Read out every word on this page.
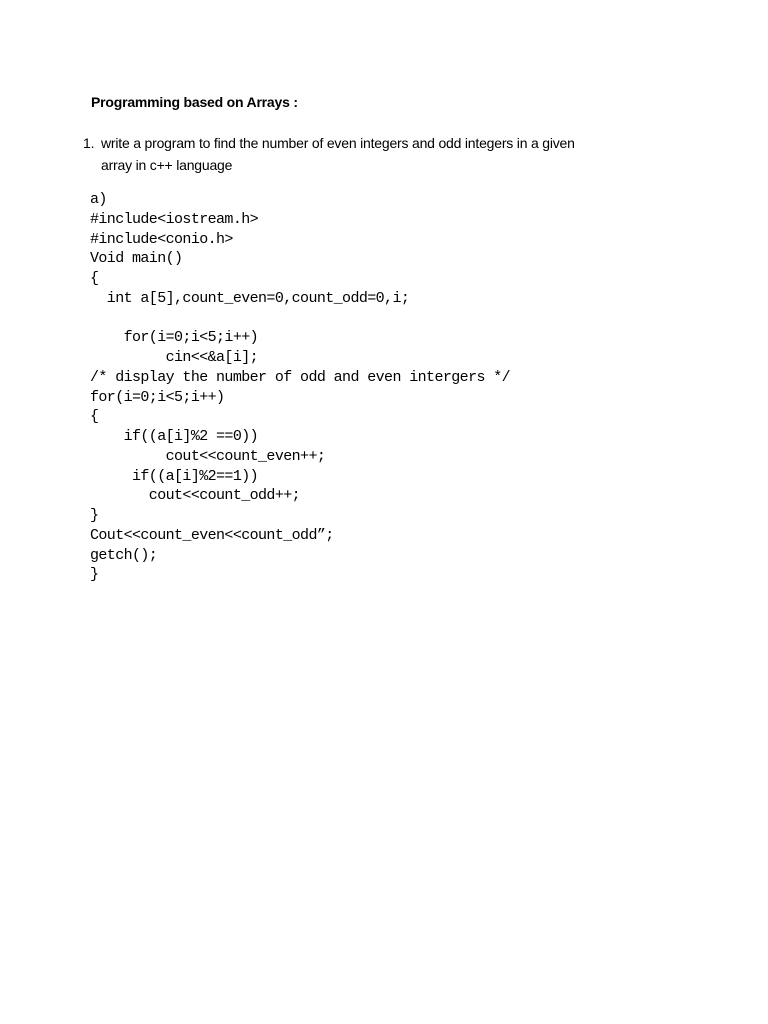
Programming based on Arrays :
1. write a program to find the number of even integers and odd integers in a given
array in c++ language
a)
#include<iostream.h>
#include<conio.h>
Void main()
{
int a[5],count_even=0,count_odd=0,i;
for(i=0;i<5;i++)
cin<<&a[i];
/* display the number of odd and even intergers */
for(i=0;i<5;i++)
{
if((a[i]%2 ==0))
cout<<count_even++;
if((a[i]%2==1))
cout<<count_odd++;
}
Cout<<count_even<<count_odd”;
getch();
}
